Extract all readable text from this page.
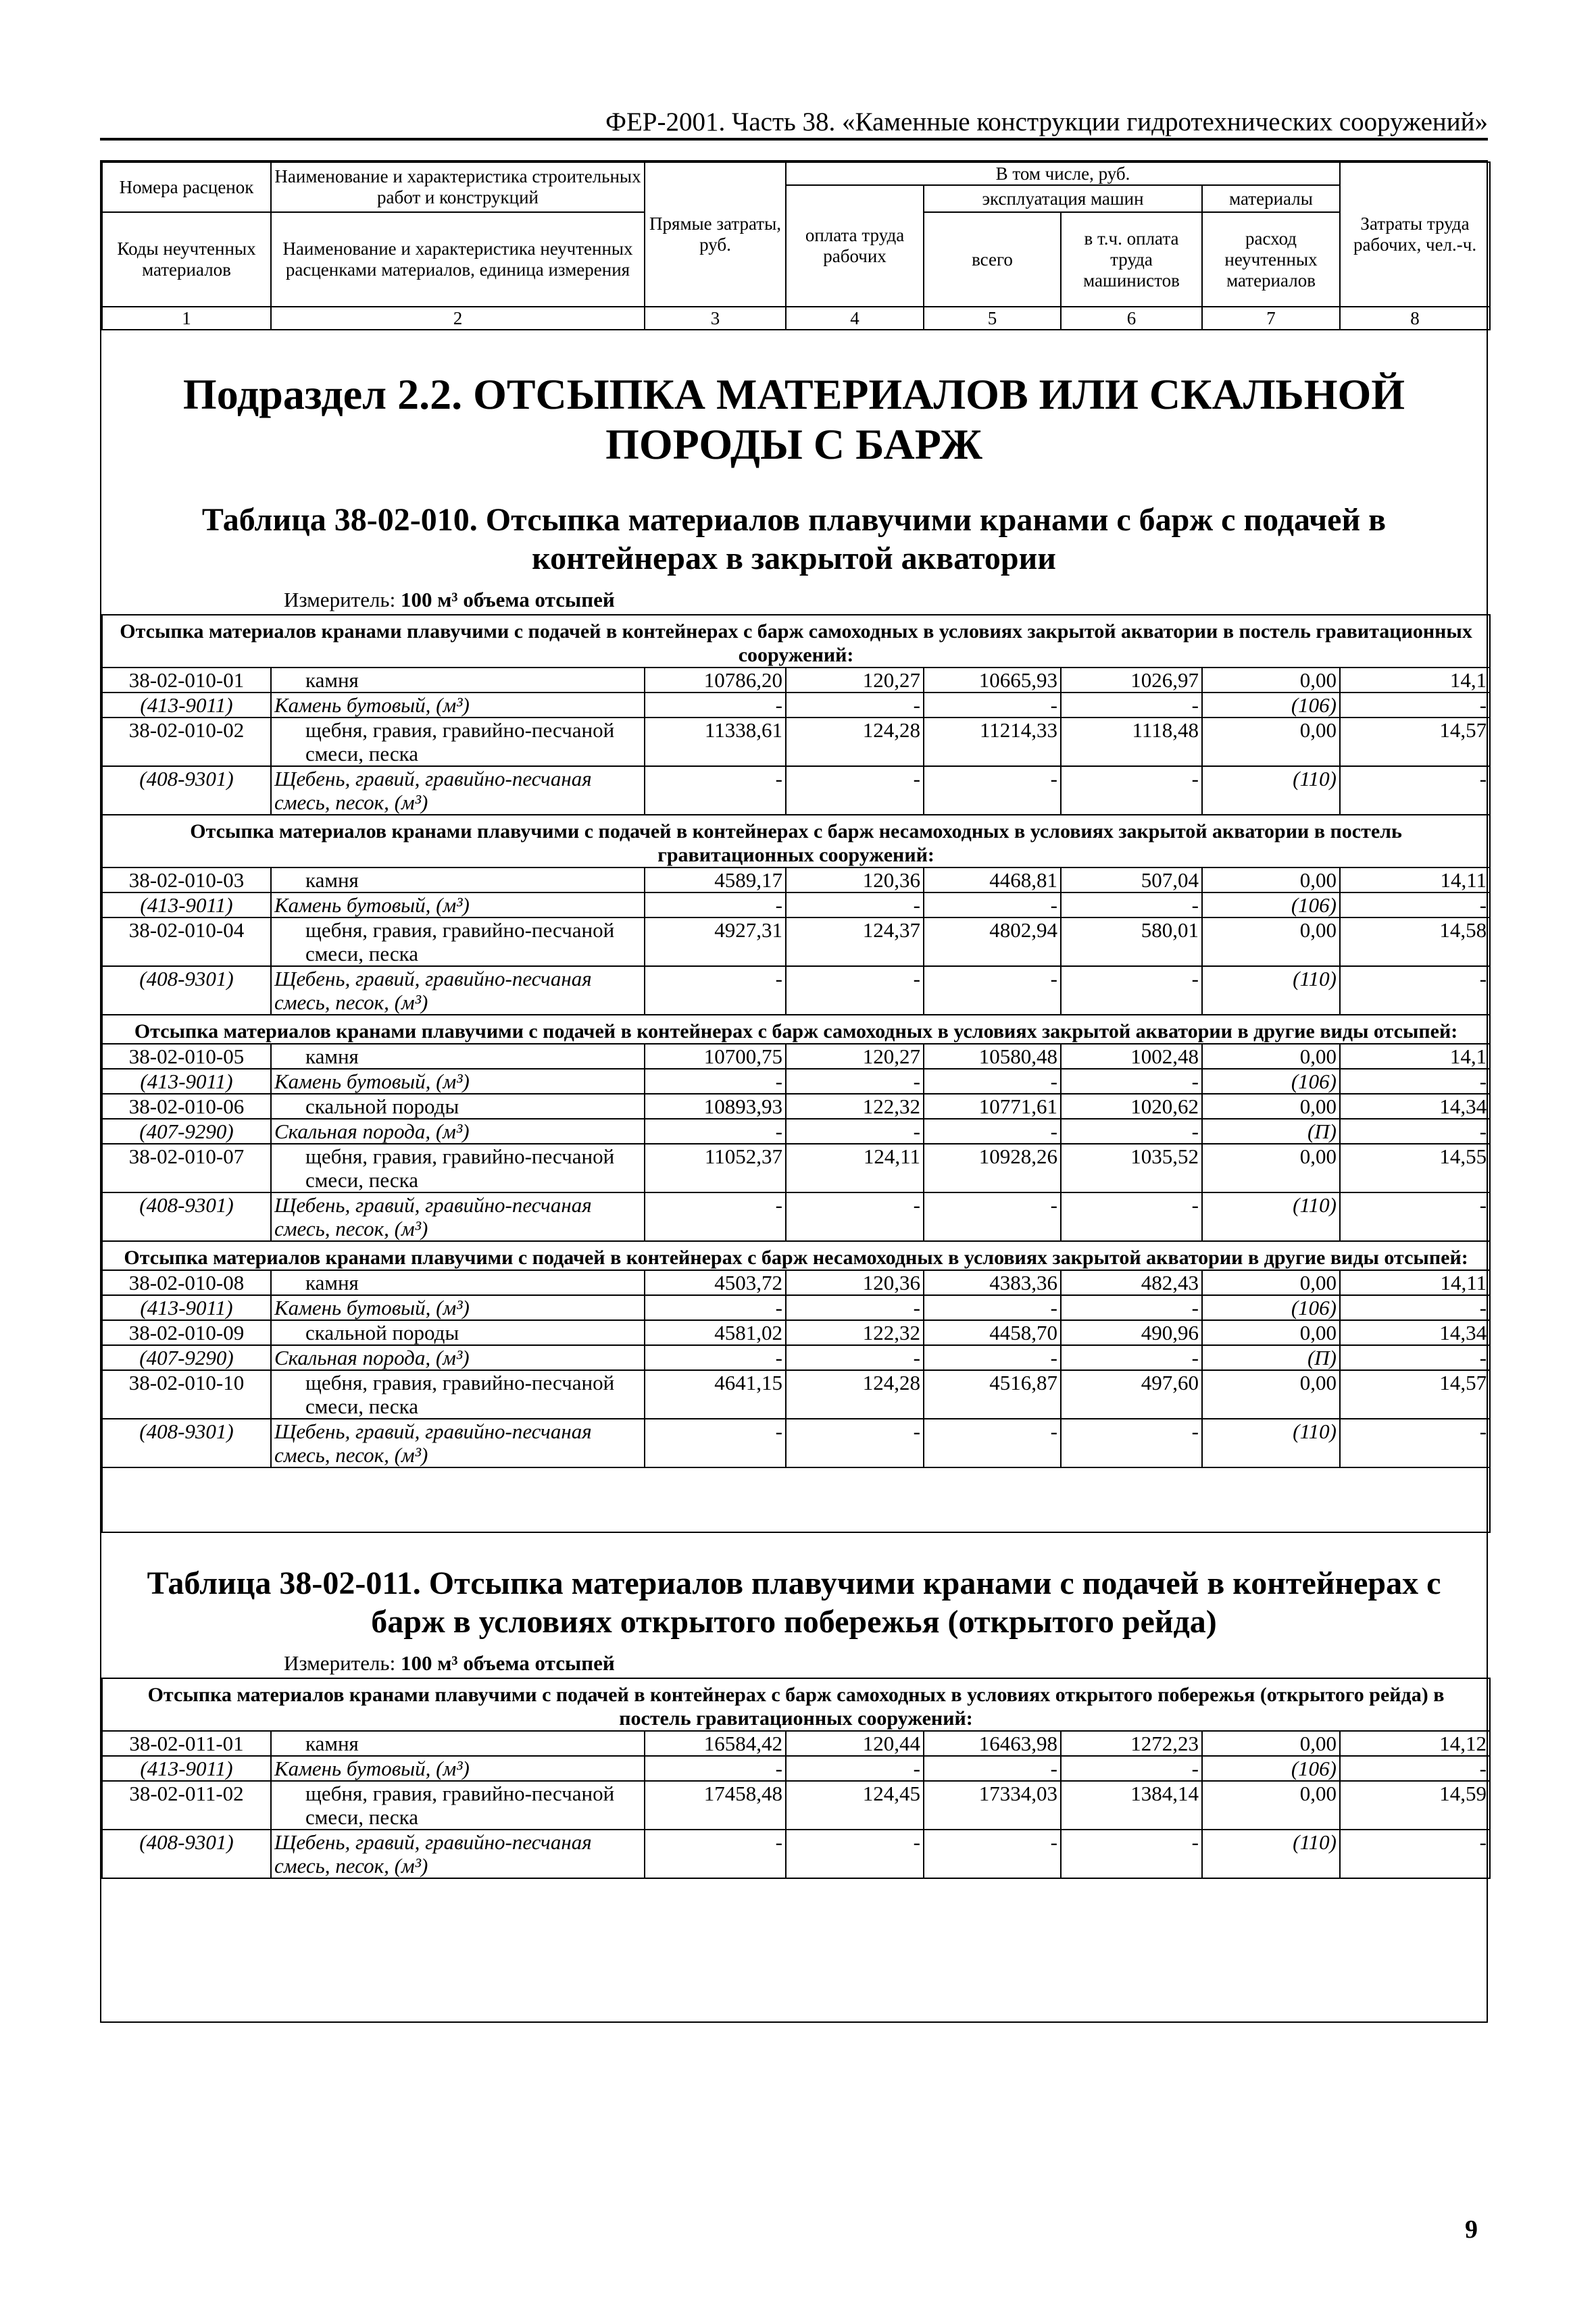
ФЕР-2001. Часть 38. «Каменные конструкции гидротехнических сооружений»
Номера расценок	Наименование и характеристика строительных работ и конструкций	Прямые затраты, руб.	В том числе, руб.				Затраты труда рабочих, чел.-ч.
			оплата труда рабочих	эксплуатация машин		материалы	
Коды неучтенных материалов	Наименование и характеристика неучтенных расценками материалов, единица измерения			всего	в т.ч. оплата труда машинистов	расход неучтенных материалов	

1	2	3	4	5	6	7	8
Подраздел 2.2. ОТСЫПКА МАТЕРИАЛОВ ИЛИ СКАЛЬНОЙ ПОРОДЫ С БАРЖ
Таблица 38-02-010. Отсыпка материалов плавучими кранами с барж с подачей в
контейнерах в закрытой акватории
Измеритель: 100 м³ объема отсыпей
Отсыпка материалов кранами плавучими с подачей в контейнерах с барж самоходных в условиях закрытой акватории в постель гравитационных сооружений:							
38-02-010-01	камня	10786,20	120,27	10665,93	1026,97	0,00	14,1
(413-9011)	Камень бутовый, (м³)	-	-	-	-	(106)	-
38-02-010-02	щебня, гравия, гравийно-песчаной смеси, песка	11338,61	124,28	11214,33	1118,48	0,00	14,57
(408-9301)	Щебень, гравий, гравийно-песчаная смесь, песок, (м³)	-	-	-	-	(110)	-
Отсыпка материалов кранами плавучими с подачей в контейнерах с барж несамоходных в условиях закрытой акватории в постель гравитационных сооружений:							
38-02-010-03	камня	4589,17	120,36	4468,81	507,04	0,00	14,11
(413-9011)	Камень бутовый, (м³)	-	-	-	-	(106)	-
38-02-010-04	щебня, гравия, гравийно-песчаной смеси, песка	4927,31	124,37	4802,94	580,01	0,00	14,58
(408-9301)	Щебень, гравий, гравийно-песчаная смесь, песок, (м³)	-	-	-	-	(110)	-
Отсыпка материалов кранами плавучими с подачей в контейнерах с барж самоходных в условиях закрытой акватории в другие виды отсыпей:							
38-02-010-05	камня	10700,75	120,27	10580,48	1002,48	0,00	14,1
(413-9011)	Камень бутовый, (м³)	-	-	-	-	(106)	-
38-02-010-06	скальной породы	10893,93	122,32	10771,61	1020,62	0,00	14,34
(407-9290)	Скальная порода, (м³)	-	-	-	-	(П)	-
38-02-010-07	щебня, гравия, гравийно-песчаной смеси, песка	11052,37	124,11	10928,26	1035,52	0,00	14,55
(408-9301)	Щебень, гравий, гравийно-песчаная смесь, песок, (м³)	-	-	-	-	(110)	-
Отсыпка материалов кранами плавучими с подачей в контейнерах с барж несамоходных в условиях закрытой акватории в другие виды отсыпей:							
38-02-010-08	камня	4503,72	120,36	4383,36	482,43	0,00	14,11
(413-9011)	Камень бутовый, (м³)	-	-	-	-	(106)	-
38-02-010-09	скальной породы	4581,02	122,32	4458,70	490,96	0,00	14,34
(407-9290)	Скальная порода, (м³)	-	-	-	-	(П)	-
38-02-010-10	щебня, гравия, гравийно-песчаной смеси, песка	4641,15	124,28	4516,87	497,60	0,00	14,57
(408-9301)	Щебень, гравий, гравийно-песчаная смесь, песок, (м³)	-	-	-	-	(110)	-

Таблица 38-02-011. Отсыпка материалов плавучими кранами с подачей в контейнерах с
барж в условиях открытого побережья (открытого рейда)
Измеритель: 100 м³ объема отсыпей
Отсыпка материалов кранами плавучими с подачей в контейнерах с барж самоходных в условиях открытого побережья (открытого рейда) в постель гравитационных сооружений:							
38-02-011-01	камня	16584,42	120,44	16463,98	1272,23	0,00	14,12
(413-9011)	Камень бутовый, (м³)	-	-	-	-	(106)	-
38-02-011-02	щебня, гравия, гравийно-песчаной смеси, песка	17458,48	124,45	17334,03	1384,14	0,00	14,59
(408-9301)	Щебень, гравий, гравийно-песчаная смесь, песок, (м³)	-	-	-	-	(110)	-
9
